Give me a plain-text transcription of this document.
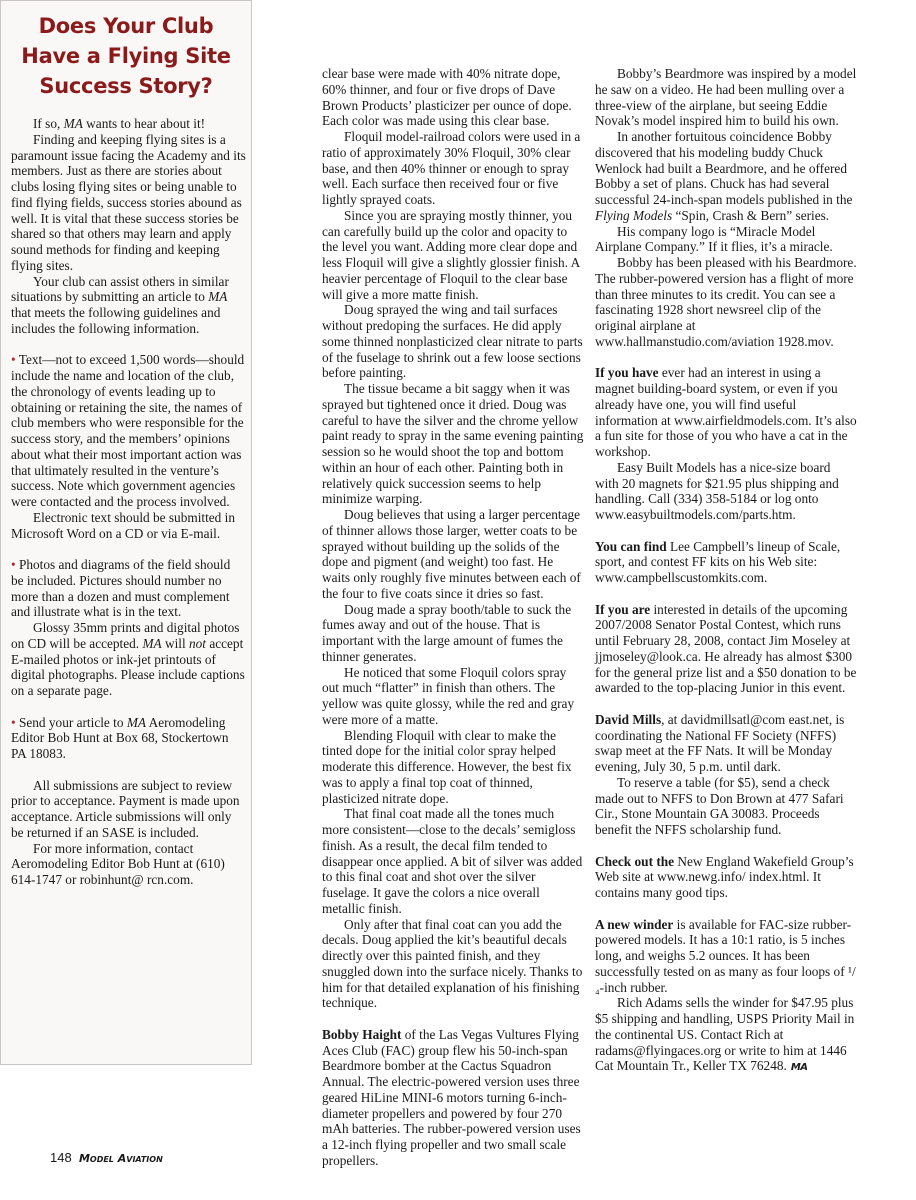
Does Your Club
Have a Flying Site
Success Story?

If so, MA wants to hear about it!

Finding and keeping flying sites is a paramount issue facing the Academy and its members. Just as there are stories about clubs losing flying sites or being unable to find flying fields, success stories abound as well. It is vital that these success stories be shared so that others may learn and apply sound methods for finding and keeping flying sites.

Your club can assist others in similar situations by submitting an article to MA that meets the following guidelines and includes the following information.

• Text—not to exceed 1,500 words—should include the name and location of the club, the chronology of events leading up to obtaining or retaining the site, the names of club members who were responsible for the success story, and the members’ opinions about what their most important action was that ultimately resulted in the venture’s success. Note which government agencies were contacted and the process involved.

Electronic text should be submitted in Microsoft Word on a CD or via E-mail.

• Photos and diagrams of the field should be included. Pictures should number no more than a dozen and must complement and illustrate what is in the text.

Glossy 35mm prints and digital photos on CD will be accepted. MA will not accept E-mailed photos or ink-jet printouts of digital photographs. Please include captions on a separate page.

• Send your article to MA Aeromodeling Editor Bob Hunt at Box 68, Stockertown PA 18083.

All submissions are subject to review prior to acceptance. Payment is made upon acceptance. Article submissions will only be returned if an SASE is included.

For more information, contact Aeromodeling Editor Bob Hunt at (610) 614-1747 or robinhunt@ rcn.com.

clear base were made with 40% nitrate dope, 60% thinner, and four or five drops of Dave Brown Products’ plasticizer per ounce of dope. Each color was made using this clear base.

Floquil model-railroad colors were used in a ratio of approximately 30% Floquil, 30% clear base, and then 40% thinner or enough to spray well. Each surface then received four or five lightly sprayed coats.

Since you are spraying mostly thinner, you can carefully build up the color and opacity to the level you want. Adding more clear dope and less Floquil will give a slightly glossier finish. A heavier percentage of Floquil to the clear base will give a more matte finish.

Doug sprayed the wing and tail surfaces without predoping the surfaces. He did apply some thinned nonplasticized clear nitrate to parts of the fuselage to shrink out a few loose sections before painting.

The tissue became a bit saggy when it was sprayed but tightened once it dried. Doug was careful to have the silver and the chrome yellow paint ready to spray in the same evening painting session so he would shoot the top and bottom within an hour of each other. Painting both in relatively quick succession seems to help minimize warping.

Doug believes that using a larger percentage of thinner allows those larger, wetter coats to be sprayed without building up the solids of the dope and pigment (and weight) too fast. He waits only roughly five minutes between each of the four to five coats since it dries so fast.

Doug made a spray booth/table to suck the fumes away and out of the house. That is important with the large amount of fumes the thinner generates.

He noticed that some Floquil colors spray out much “flatter” in finish than others. The yellow was quite glossy, while the red and gray were more of a matte.

Blending Floquil with clear to make the tinted dope for the initial color spray helped moderate this difference. However, the best fix was to apply a final top coat of thinned, plasticized nitrate dope.

That final coat made all the tones much more consistent—close to the decals’ semigloss finish. As a result, the decal film tended to disappear once applied. A bit of silver was added to this final coat and shot over the silver fuselage. It gave the colors a nice overall metallic finish.

Only after that final coat can you add the decals. Doug applied the kit’s beautiful decals directly over this painted finish, and they snuggled down into the surface nicely. Thanks to him for that detailed explanation of his finishing technique.

Bobby Haight of the Las Vegas Vultures Flying Aces Club (FAC) group flew his 50-inch-span Beardmore bomber at the Cactus Squadron Annual. The electric-powered version uses three geared HiLine MINI-6 motors turning 6-inch-diameter propellers and powered by four 270 mAh batteries. The rubber-powered version uses a 12-inch flying propeller and two small scale propellers.

Bobby’s Beardmore was inspired by a model he saw on a video. He had been mulling over a three-view of the airplane, but seeing Eddie Novak’s model inspired him to build his own.

In another fortuitous coincidence Bobby discovered that his modeling buddy Chuck Wenlock had built a Beardmore, and he offered Bobby a set of plans. Chuck has had several successful 24-inch-span models published in the Flying Models “Spin, Crash & Bern” series.

His company logo is “Miracle Model Airplane Company.” If it flies, it’s a miracle.

Bobby has been pleased with his Beardmore. The rubber-powered version has a flight of more than three minutes to its credit. You can see a fascinating 1928 short newsreel clip of the original airplane at www.hallmanstudio.com/aviation 1928.mov.

If you have ever had an interest in using a magnet building-board system, or even if you already have one, you will find useful information at www.airfieldmodels.com. It’s also a fun site for those of you who have a cat in the workshop.

Easy Built Models has a nice-size board with 20 magnets for $21.95 plus shipping and handling. Call (334) 358-5184 or log onto www.easybuiltmodels.com/parts.htm.

You can find Lee Campbell’s lineup of Scale, sport, and contest FF kits on his Web site: www.campbellscustomkits.com.

If you are interested in details of the upcoming 2007/2008 Senator Postal Contest, which runs until February 28, 2008, contact Jim Moseley at jjmoseley@look.ca. He already has almost $300 for the general prize list and a $50 donation to be awarded to the top-placing Junior in this event.

David Mills, at davidmillsatl@com east.net, is coordinating the National FF Society (NFFS) swap meet at the FF Nats. It will be Monday evening, July 30, 5 p.m. until dark.

To reserve a table (for $5), send a check made out to NFFS to Don Brown at 477 Safari Cir., Stone Mountain GA 30083. Proceeds benefit the NFFS scholarship fund.

Check out the New England Wakefield Group’s Web site at www.newg.info/ index.html. It contains many good tips.

A new winder is available for FAC-size rubber-powered models. It has a 10:1 ratio, is 5 inches long, and weighs 5.2 ounces. It has been successfully tested on as many as four loops of ¹/₄-inch rubber.

Rich Adams sells the winder for $47.95 plus $5 shipping and handling, USPS Priority Mail in the continental US. Contact Rich at radams@flyingaces.org or write to him at 1446 Cat Mountain Tr., Keller TX 76248. MA

148 Model Aviation
